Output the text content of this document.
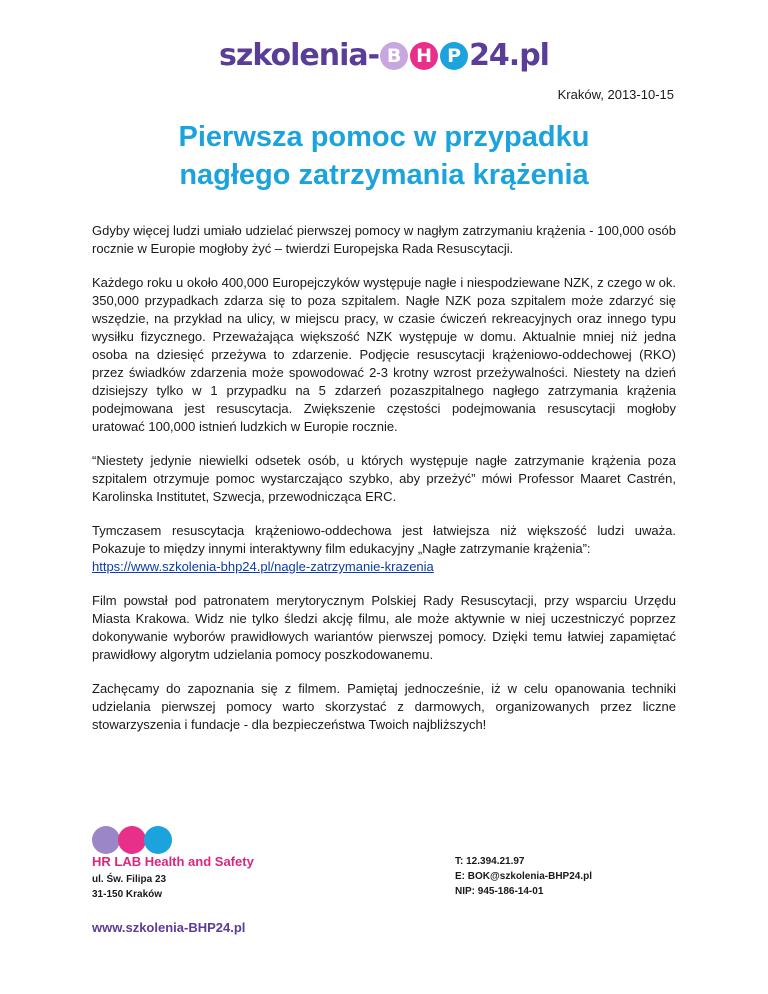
szkolenia- B H P 24.pl
Kraków, 2013-10-15
Pierwsza pomoc w przypadku
nagłego zatrzymania krążenia

Gdyby więcej ludzi umiało udzielać pierwszej pomocy w nagłym zatrzymaniu krążenia - 100,000 osób rocznie w Europie mogłoby żyć – twierdzi Europejska Rada Resuscytacji.

Każdego roku u około 400,000 Europejczyków występuje nagłe i niespodziewane NZK, z czego w ok. 350,000 przypadkach zdarza się to poza szpitalem. Nagłe NZK poza szpitalem może zdarzyć się wszędzie, na przykład na ulicy, w miejscu pracy, w czasie ćwiczeń rekreacyjnych oraz innego typu wysiłku fizycznego. Przeważająca większość NZK występuje w domu. Aktualnie mniej niż jedna osoba na dziesięć przeżywa to zdarzenie. Podjęcie resuscytacji krążeniowo-oddechowej (RKO) przez świadków zdarzenia może spowodować 2-3 krotny wzrost przeżywalności. Niestety na dzień dzisiejszy tylko w 1 przypadku na 5 zdarzeń pozaszpitalnego nagłego zatrzymania krążenia podejmowana jest resuscytacja. Zwiększenie częstości podejmowania resuscytacji mogłoby uratować 100,000 istnień ludzkich w Europie rocznie.

“Niestety jedynie niewielki odsetek osób, u których występuje nagłe zatrzymanie krążenia poza szpitalem otrzymuje pomoc wystarczająco szybko, aby przeżyć” mówi Professor Maaret Castrén, Karolinska Institutet, Szwecja, przewodnicząca ERC.

Tymczasem resuscytacja krążeniowo-oddechowa jest łatwiejsza niż większość ludzi uważa. Pokazuje to między innymi interaktywny film edukacyjny „Nagłe zatrzymanie krążenia”:
https://www.szkolenia-bhp24.pl/nagle-zatrzymanie-krazenia

Film powstał pod patronatem merytorycznym Polskiej Rady Resuscytacji, przy wsparciu Urzędu Miasta Krakowa. Widz nie tylko śledzi akcję filmu, ale może aktywnie w niej uczestniczyć poprzez dokonywanie wyborów prawidłowych wariantów pierwszej pomocy. Dzięki temu łatwiej zapamiętać prawidłowy algorytm udzielania pomocy poszkodowanemu.

Zachęcamy do zapoznania się z filmem. Pamiętaj jednocześnie, iż w celu opanowania techniki udzielania pierwszej pomocy warto skorzystać z darmowych, organizowanych przez liczne stowarzyszenia i fundacje - dla bezpieczeństwa Twoich najbliższych!

HR LAB Health and Safety
ul. Św. Filipa 23
31-150 Kraków
T: 12.394.21.97
E: BOK@szkolenia-BHP24.pl
NIP: 945-186-14-01
www.szkolenia-BHP24.pl
